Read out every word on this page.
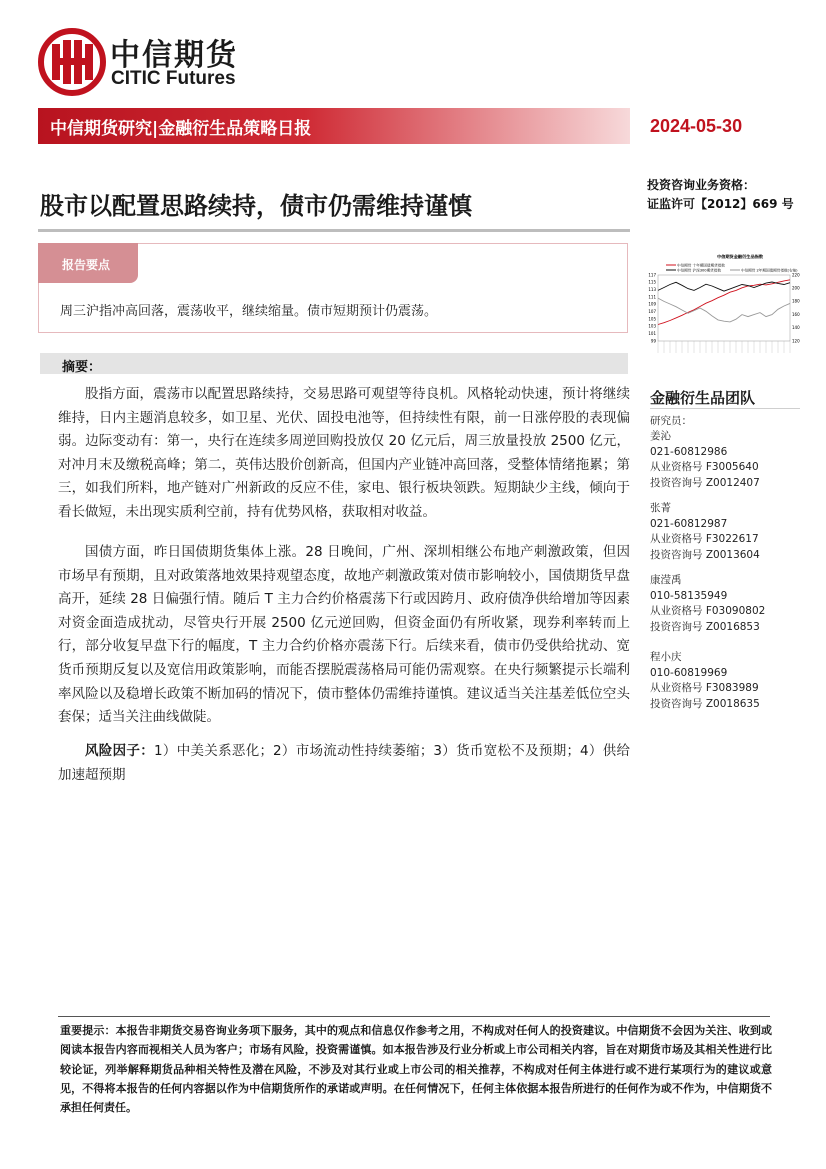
中信期货
CITIC Futures
中信期货研究|金融衍生品策略日报	2024-05-30
股市以配置思路续持，债市仍需维持谨慎
投资咨询业务资格：
证监许可【2012】669 号
报告要点
周三沪指冲高回落，震荡收平，继续缩量。债市短期预计仍震荡。
摘要：
股指方面，震荡市以配置思路续持，交易思路可观望等待良机。风格轮动快速，预计将继续维持，日内主题消息较多，如卫星、光伏、固投电池等，但持续性有限，前一日涨停股的表现偏弱。边际变动有：第一，央行在连续多周逆回购投放仅 20 亿元后，周三放量投放 2500 亿元，对冲月末及缴税高峰；第二，英伟达股价创新高，但国内产业链冲高回落，受整体情绪拖累；第三，如我们所料，地产链对广州新政的反应不佳，家电、银行板块领跌。短期缺少主线，倾向于看长做短，未出现实质利空前，持有优势风格，获取相对收益。
国债方面，昨日国债期货集体上涨。28 日晚间，广州、深圳相继公布地产刺激政策，但因市场早有预期，且对政策落地效果持观望态度，故地产刺激政策对债市影响较小，国债期货早盘高开，延续 28 日偏强行情。随后 T 主力合约价格震荡下行或因跨月、政府债净供给增加等因素对资金面造成扰动，尽管央行开展 2500 亿元逆回购，但资金面仍有所收紧，现券利率转而上行，部分收复早盘下行的幅度，T 主力合约价格亦震荡下行。后续来看，债市仍受供给扰动、宽货币预期反复以及宽信用政策影响，而能否摆脱震荡格局可能仍需观察。在央行频繁提示长端利率风险以及稳增长政策不断加码的情况下，债市整体仍需维持谨慎。建议适当关注基差低位空头套保；适当关注曲线做陡。
风险因子：1）中美关系恶化；2）市场流动性持续萎缩；3）货币宽松不及预期；4）供给加速超预期
中信期货金融衍生品指数
中信期货 十年期国债期货指数
中信期货 沪深300期货指数	中信期货 2年期国债期货指数(右轴)
117
115
113
111
109
107
105
103
101
99
220
200
180
160
140
120
金融衍生品团队
研究员：
姜沁
021-60812986
从业资格号 F3005640
投资咨询号 Z0012407
张菁
021-60812987
从业资格号 F3022617
投资咨询号 Z0013604
康滢禹
010-58135949
从业资格号 F03090802
投资咨询号 Z0016853
程小庆
010-60819969
从业资格号 F3083989
投资咨询号 Z0018635
重要提示：本报告非期货交易咨询业务项下服务，其中的观点和信息仅作参考之用，不构成对任何人的投资建议。中信期货不会因为关注、收到或阅读本报告内容而视相关人员为客户；市场有风险，投资需谨慎。如本报告涉及行业分析或上市公司相关内容，旨在对期货市场及其相关性进行比较论证，列举解释期货品种相关特性及潜在风险，不涉及对其行业或上市公司的相关推荐，不构成对任何主体进行或不进行某项行为的建议或意见，不得将本报告的任何内容据以作为中信期货所作的承诺或声明。在任何情况下，任何主体依据本报告所进行的任何作为或不作为，中信期货不承担任何责任。
